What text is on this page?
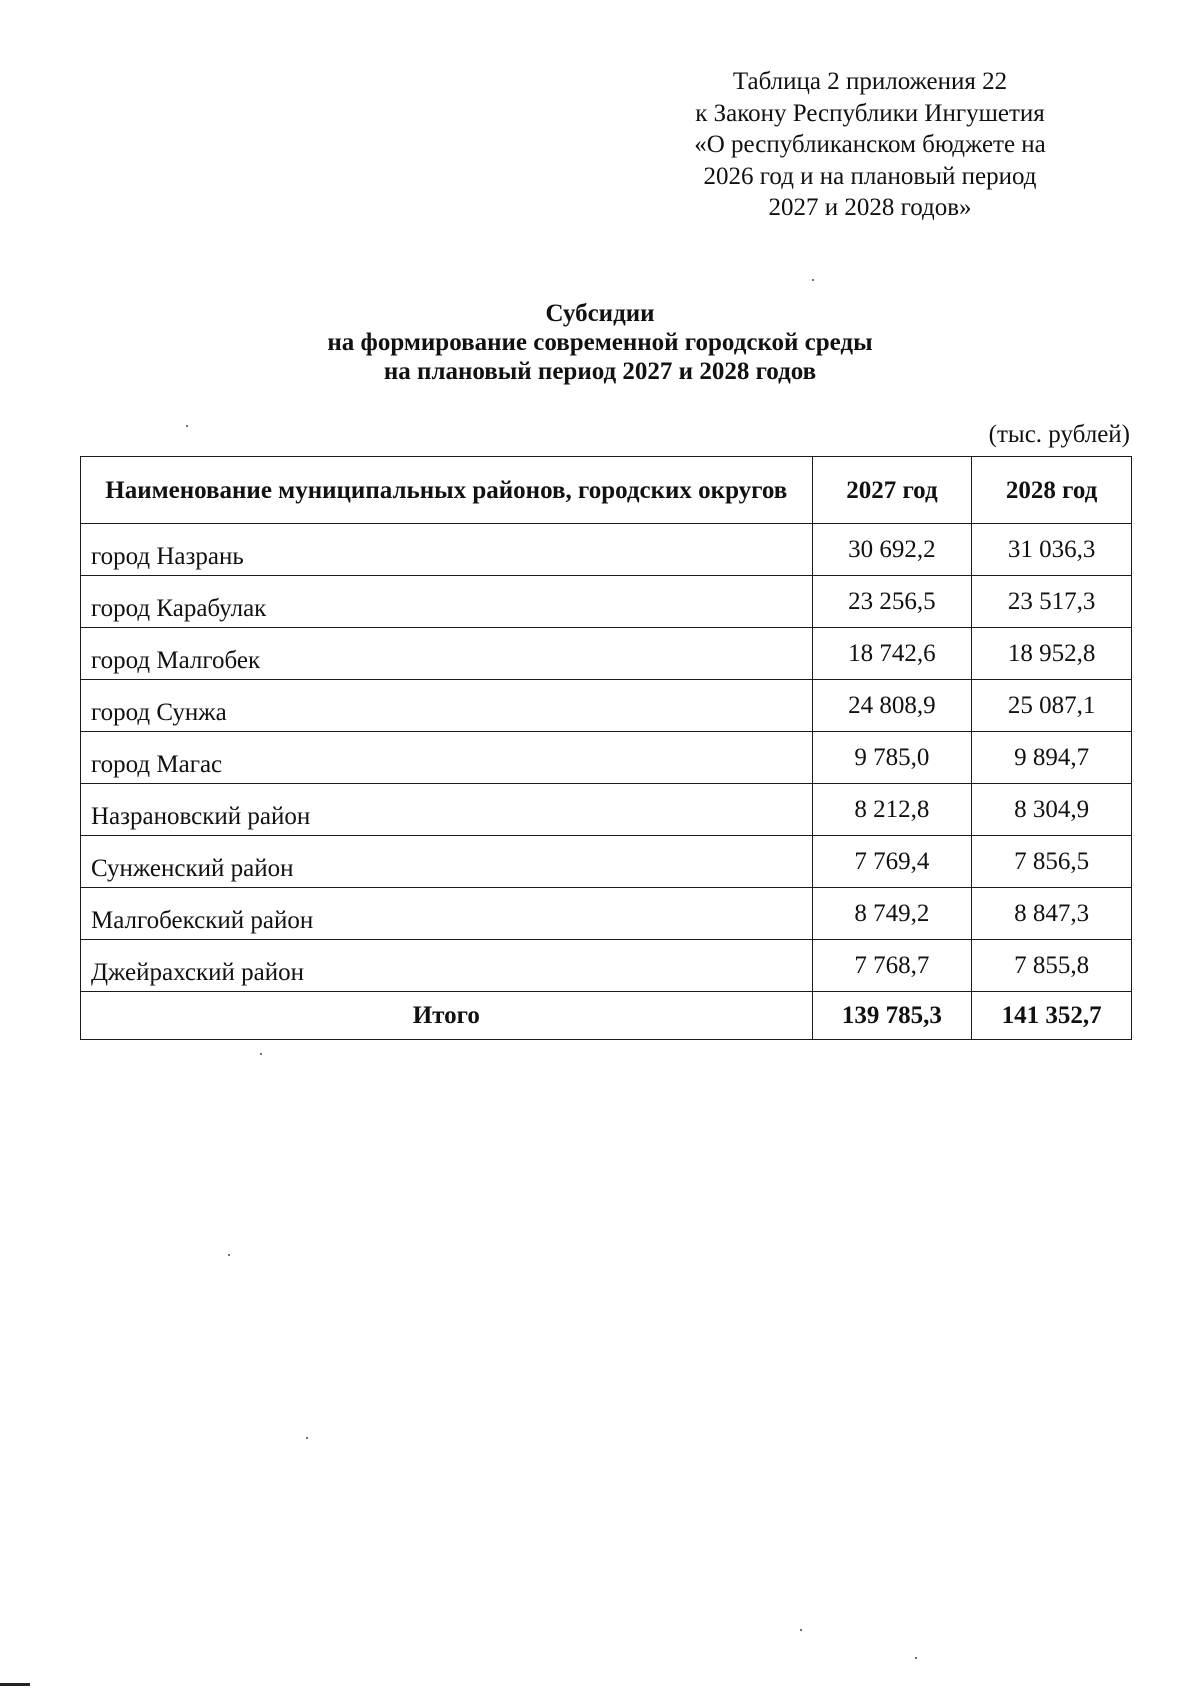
Таблица 2 приложения 22
к Закону Республики Ингушетия
«О республиканском бюджете на
2026 год и на плановый период
2027 и 2028 годов»
Субсидии
на формирование современной городской среды
на плановый период 2027 и 2028 годов
(тыс. рублей)
Наименование муниципальных районов, городских округов	2027 год	2028 год
город Назрань	30 692,2	31 036,3
город Карабулак	23 256,5	23 517,3
город Малгобек	18 742,6	18 952,8
город Сунжа	24 808,9	25 087,1
город Магас	9 785,0	9 894,7
Назрановский район	8 212,8	8 304,9
Сунженский район	7 769,4	7 856,5
Малгобекский район	8 749,2	8 847,3
Джейрахский район	7 768,7	7 855,8
Итого	139 785,3	141 352,7
